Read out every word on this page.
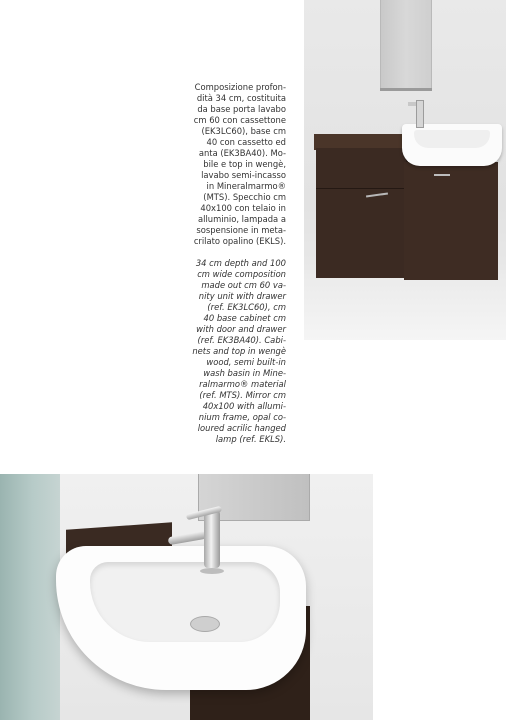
Composizione profon-
dità 34 cm, costituita
da base porta lavabo
cm 60 con cassettone
(EK3LC60), base cm
40 con cassetto ed
anta (EK3BA40). Mo-
bile e top in wengè,
lavabo semi-incasso
in Mineralmarmo®
(MTS). Specchio cm
40x100 con telaio in
alluminio, lampada a
sospensione in meta-
crilato opalino (EKLS).

34 cm depth and 100
cm wide composition
made out cm 60 va-
nity unit with drawer
(ref. EK3LC60), cm
40 base cabinet cm
with door and drawer
(ref. EK3BA40). Cabi-
nets and top in wengè
wood, semi built-in
wash basin in Mine-
ralmarmo® material
(ref. MTS). Mirror cm
40x100 with allumi-
nium frame, opal co-
loured acrilic hanged
lamp (ref. EKLS).
